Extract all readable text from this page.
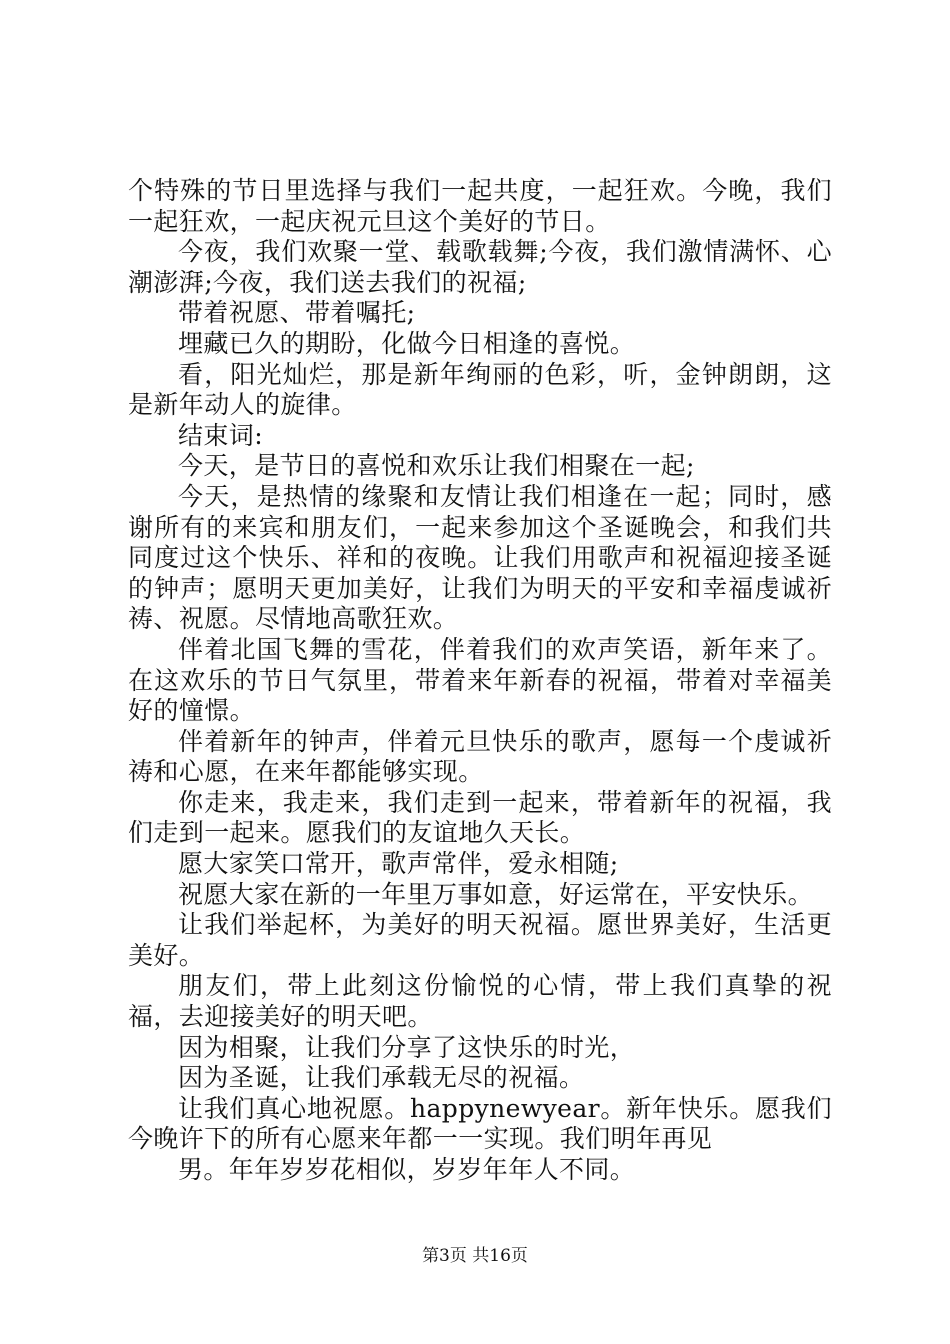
个特殊的节日里选择与我们一起共度，一起狂欢。今晚，我们一起狂欢，一起庆祝元旦这个美好的节日。

今夜，我们欢聚一堂、载歌载舞;今夜，我们激情满怀、心潮澎湃;今夜，我们送去我们的祝福;

带着祝愿、带着嘱托;

埋藏已久的期盼，化做今日相逢的喜悦。

看，阳光灿烂，那是新年绚丽的色彩，听，金钟朗朗，这是新年动人的旋律。

结束词:

今天，是节日的喜悦和欢乐让我们相聚在一起;

今天，是热情的缘聚和友情让我们相逢在一起；同时，感谢所有的来宾和朋友们，一起来参加这个圣诞晚会，和我们共同度过这个快乐、祥和的夜晚。让我们用歌声和祝福迎接圣诞的钟声；愿明天更加美好，让我们为明天的平安和幸福虔诚祈祷、祝愿。尽情地高歌狂欢。

伴着北国飞舞的雪花，伴着我们的欢声笑语，新年来了。在这欢乐的节日气氛里，带着来年新春的祝福，带着对幸福美好的憧憬。

伴着新年的钟声，伴着元旦快乐的歌声，愿每一个虔诚祈祷和心愿，在来年都能够实现。

你走来，我走来，我们走到一起来，带着新年的祝福，我们走到一起来。愿我们的友谊地久天长。

愿大家笑口常开，歌声常伴，爱永相随;

祝愿大家在新的一年里万事如意，好运常在，平安快乐。

让我们举起杯，为美好的明天祝福。愿世界美好，生活更美好。

朋友们，带上此刻这份愉悦的心情，带上我们真挚的祝福，去迎接美好的明天吧。

因为相聚，让我们分享了这快乐的时光，

因为圣诞，让我们承载无尽的祝福。

让我们真心地祝愿。happynewyear。新年快乐。愿我们今晚许下的所有心愿来年都一一实现。我们明年再见

男。年年岁岁花相似，岁岁年年人不同。

第3页 共16页
